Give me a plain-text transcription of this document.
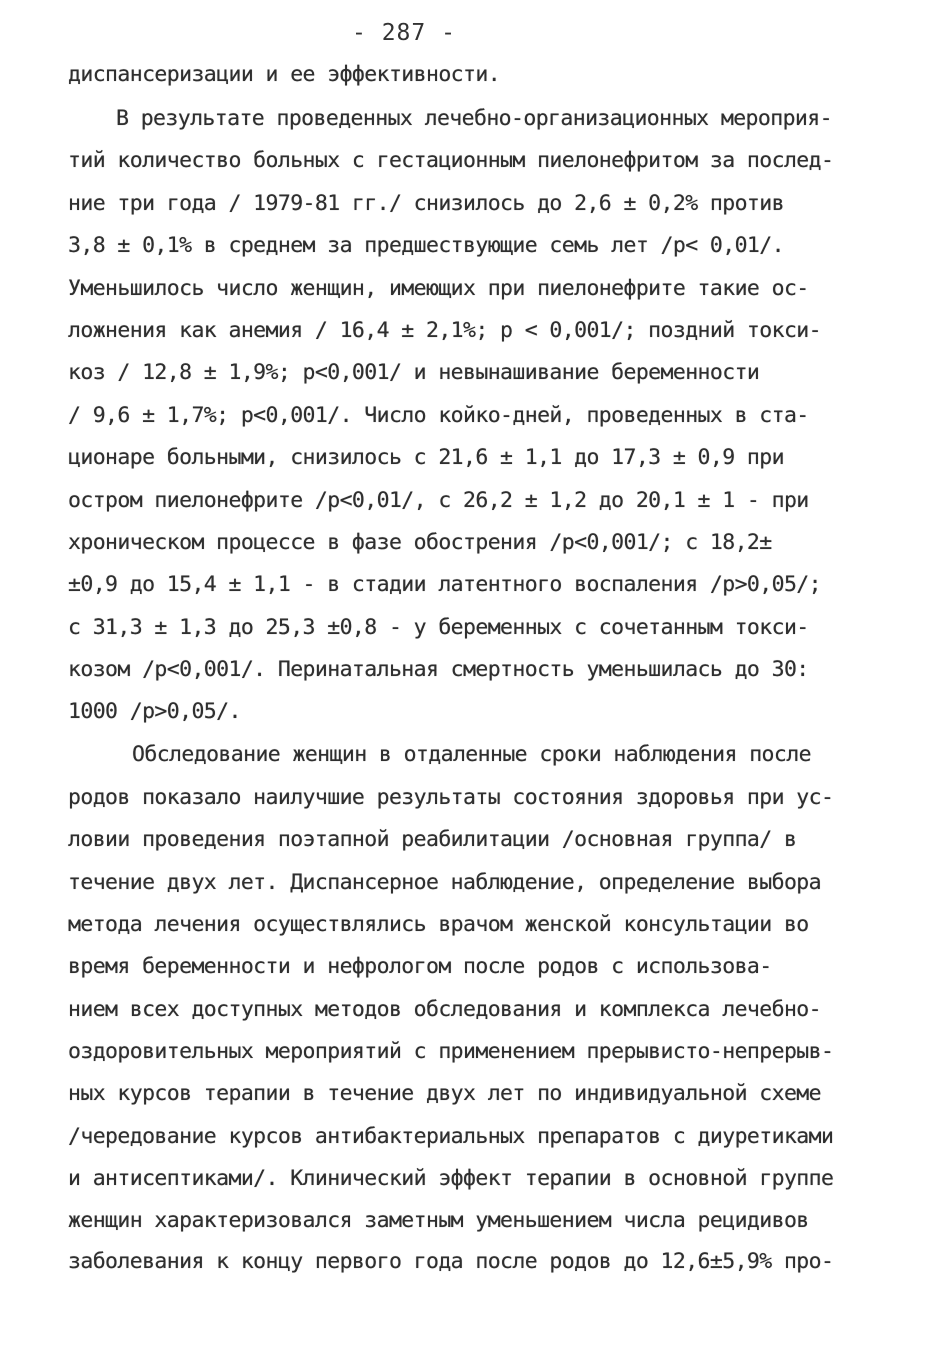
- 287 -
диспансеризации и ее эффективности.
В результате проведенных лечебно-организационных мероприя-
тий количество больных с гестационным пиелонефритом за послед-
ние три года / 1979-81 гг./ снизилось до 2,6 ± 0,2% против
3,8 ± 0,1% в среднем за предшествующие семь лет /p< 0,01/.
Уменьшилось число женщин, имеющих при пиелонефрите такие ос-
ложнения как анемия / 16,4 ± 2,1%; p < 0,001/; поздний токси-
коз / 12,8 ± 1,9%; p<0,001/ и невынашивание беременности
/ 9,6 ± 1,7%; p<0,001/. Число койко-дней, проведенных в ста-
ционаре больными, снизилось с 21,6 ± 1,1 до 17,3 ± 0,9 при
остром пиелонефрите /p<0,01/, с 26,2 ± 1,2 до 20,1 ± 1 - при
хроническом процессе в фазе обострения /p<0,001/; с 18,2±
±0,9 до 15,4 ± 1,1 - в стадии латентного воспаления /p>0,05/;
с 31,3 ± 1,3 до 25,3 ±0,8 - у беременных с сочетанным токси-
козом /p<0,001/. Перинатальная смертность уменьшилась до 30:
1000 /p>0,05/.
Обследование женщин в отдаленные сроки наблюдения после
родов показало наилучшие результаты состояния здоровья при ус-
ловии проведения поэтапной реабилитации /основная группа/ в
течение двух лет. Диспансерное наблюдение, определение выбора
метода лечения осуществлялись врачом женской консультации во
время беременности и нефрологом после родов с использова-
нием всех доступных методов обследования и комплекса лечебно-
оздоровительных мероприятий с применением прерывисто-непрерыв-
ных курсов терапии в течение двух лет по индивидуальной схеме
/чередование курсов антибактериальных препаратов с диуретиками
и антисептиками/. Клинический эффект терапии в основной группе
женщин характеризовался заметным уменьшением числа рецидивов
заболевания к концу первого года после родов до 12,6±5,9% про-
